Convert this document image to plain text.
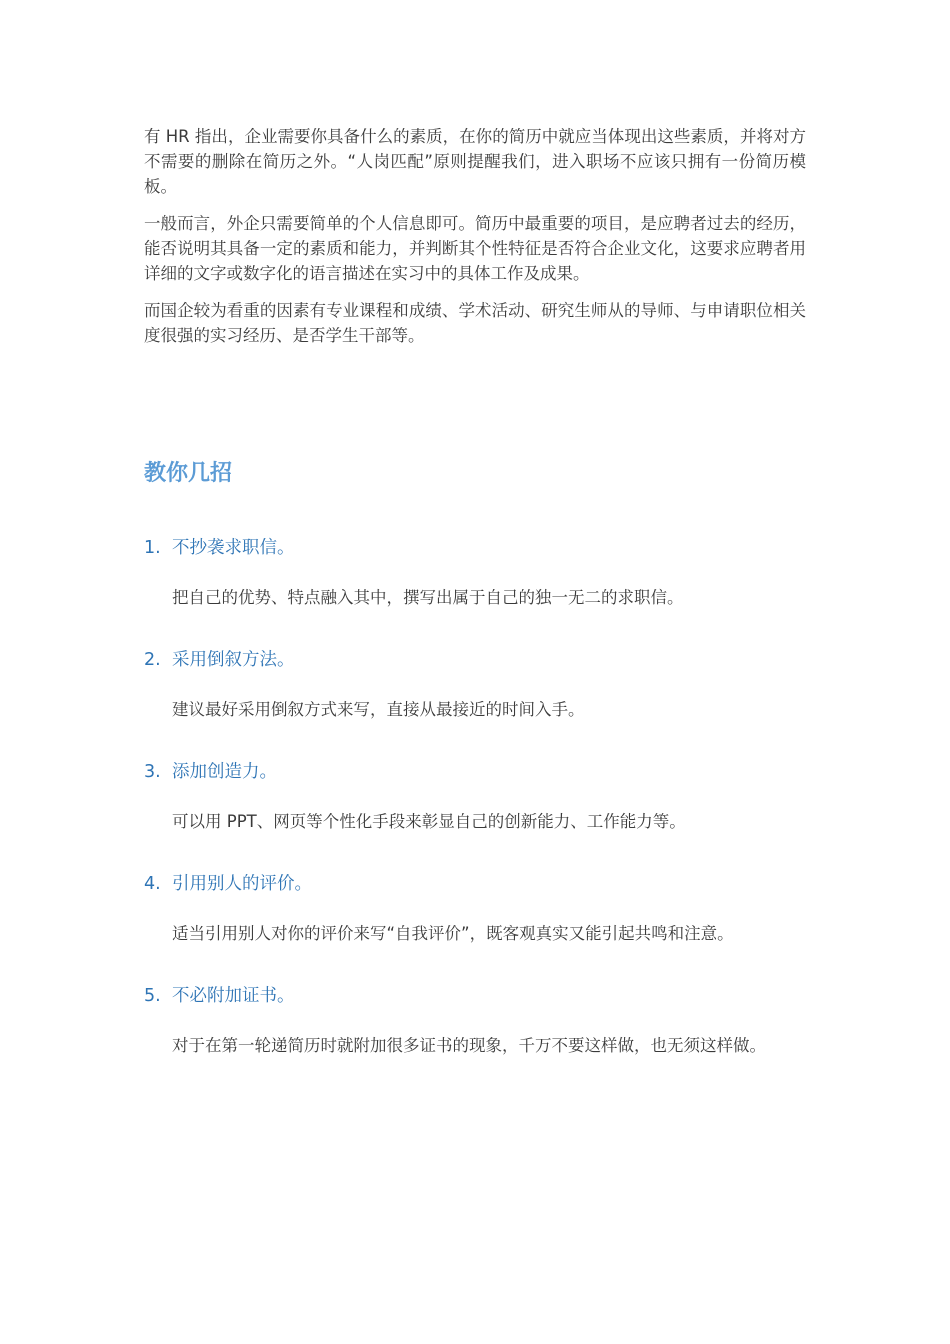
有 HR 指出，企业需要你具备什么的素质，在你的简历中就应当体现出这些素质，并将对方不需要的删除在简历之外。“人岗匹配”原则提醒我们，进入职场不应该只拥有一份简历模板。

一般而言，外企只需要简单的个人信息即可。简历中最重要的项目，是应聘者过去的经历，能否说明其具备一定的素质和能力，并判断其个性特征是否符合企业文化，这要求应聘者用详细的文字或数字化的语言描述在实习中的具体工作及成果。

而国企较为看重的因素有专业课程和成绩、学术活动、研究生师从的导师、与申请职位相关度很强的实习经历、是否学生干部等。

教你几招
1. 不抄袭求职信。
把自己的优势、特点融入其中，撰写出属于自己的独一无二的求职信。
2. 采用倒叙方法。
建议最好采用倒叙方式来写，直接从最接近的时间入手。
3. 添加创造力。
可以用 PPT、网页等个性化手段来彰显自己的创新能力、工作能力等。
4. 引用别人的评价。
适当引用别人对你的评价来写“自我评价”，既客观真实又能引起共鸣和注意。
5. 不必附加证书。
对于在第一轮递简历时就附加很多证书的现象，千万不要这样做，也无须这样做。
